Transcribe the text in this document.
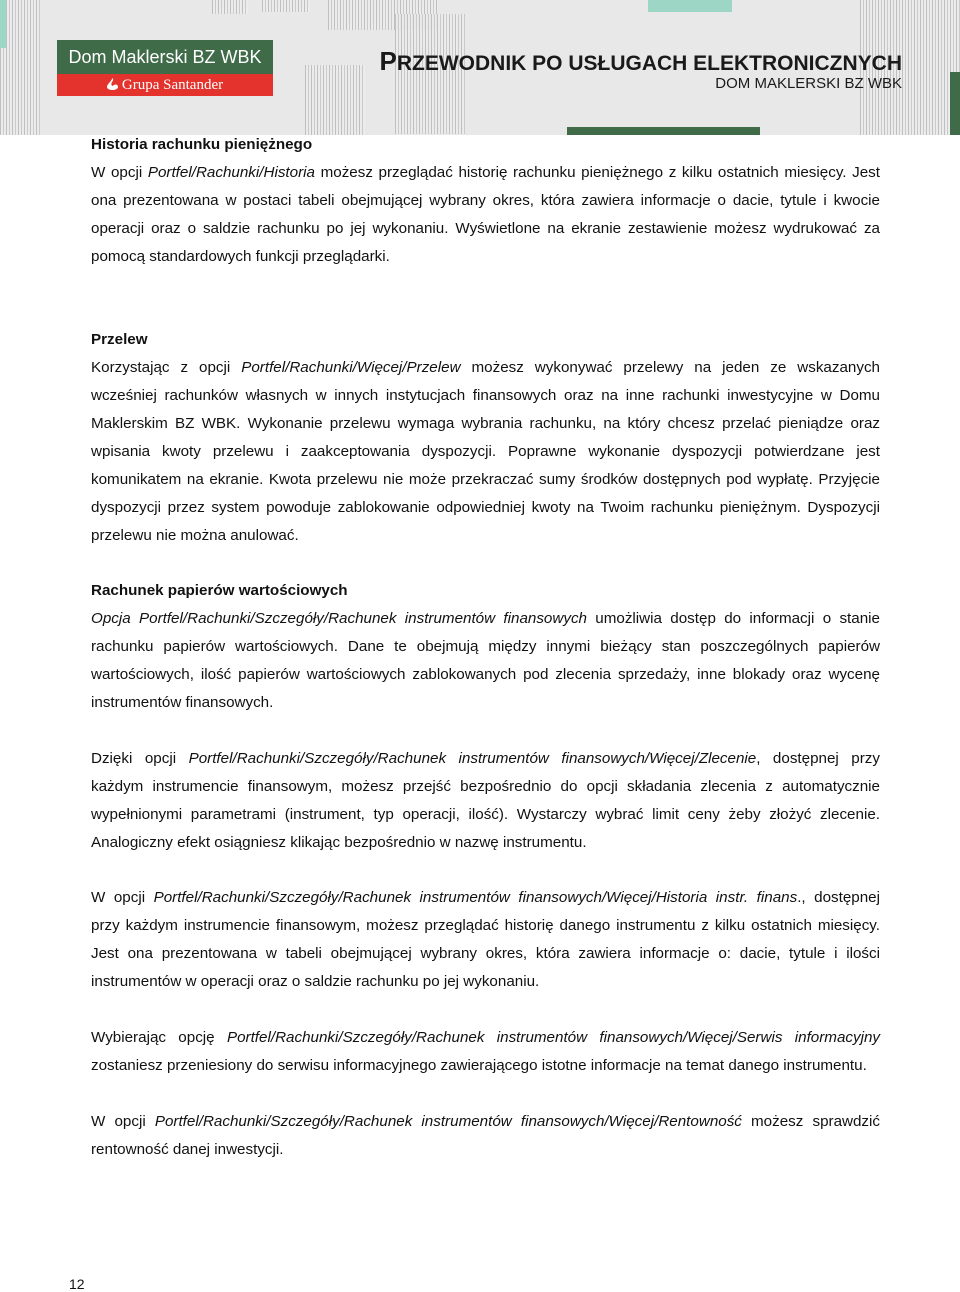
Dom Maklerski BZ WBK
Grupa Santander
PRZEWODNIK PO USŁUGACH ELEKTRONICZNYCH
DOM MAKLERSKI BZ WBK
Historia rachunku pieniężnego

W opcji Portfel/Rachunki/Historia możesz przeglądać historię rachunku pieniężnego z kilku ostatnich miesięcy. Jest ona prezentowana w postaci tabeli obejmującej wybrany okres, która zawiera informacje o dacie, tytule i kwocie operacji oraz o saldzie rachunku po jej wykonaniu. Wyświetlone na ekranie zestawienie możesz wydrukować za pomocą standardowych funkcji przeglądarki.

Przelew

Korzystając z opcji Portfel/Rachunki/Więcej/Przelew możesz wykonywać przelewy na jeden ze wskazanych wcześniej rachunków własnych w innych instytucjach finansowych oraz na inne rachunki inwestycyjne w Domu Maklerskim BZ WBK. Wykonanie przelewu wymaga wybrania rachunku, na który chcesz przelać pieniądze oraz wpisania kwoty przelewu i zaakceptowania dyspozycji. Poprawne wykonanie dyspozycji potwierdzane jest komunikatem na ekranie. Kwota przelewu nie może przekraczać sumy środków dostępnych pod wypłatę. Przyjęcie dyspozycji przez system powoduje zablokowanie odpowiedniej kwoty na Twoim rachunku pieniężnym. Dyspozycji przelewu nie można anulować.

Rachunek papierów wartościowych

Opcja Portfel/Rachunki/Szczegóły/Rachunek instrumentów finansowych umożliwia dostęp do informacji o stanie rachunku papierów wartościowych. Dane te obejmują między innymi bieżący stan poszczególnych papierów wartościowych, ilość papierów wartościowych zablokowanych pod zlecenia sprzedaży, inne blokady oraz wycenę instrumentów finansowych.

Dzięki opcji Portfel/Rachunki/Szczegóły/Rachunek instrumentów finansowych/Więcej/Zlecenie, dostępnej przy każdym instrumencie finansowym, możesz przejść bezpośrednio do opcji składania zlecenia z automatycznie wypełnionymi parametrami (instrument, typ operacji, ilość). Wystarczy wybrać limit ceny żeby złożyć zlecenie. Analogiczny efekt osiągniesz klikając bezpośrednio w nazwę instrumentu.

W opcji Portfel/Rachunki/Szczegóły/Rachunek instrumentów finansowych/Więcej/Historia instr. finans., dostępnej przy każdym instrumencie finansowym, możesz przeglądać historię danego instrumentu z kilku ostatnich miesięcy. Jest ona prezentowana w tabeli obejmującej wybrany okres, która zawiera informacje o: dacie, tytule i ilości instrumentów w operacji oraz o saldzie rachunku po jej wykonaniu.

Wybierając opcję Portfel/Rachunki/Szczegóły/Rachunek instrumentów finansowych/Więcej/Serwis informacyjny zostaniesz przeniesiony do serwisu informacyjnego zawierającego istotne informacje na temat danego instrumentu.

W opcji Portfel/Rachunki/Szczegóły/Rachunek instrumentów finansowych/Więcej/Rentowność możesz sprawdzić rentowność danej inwestycji.

12
